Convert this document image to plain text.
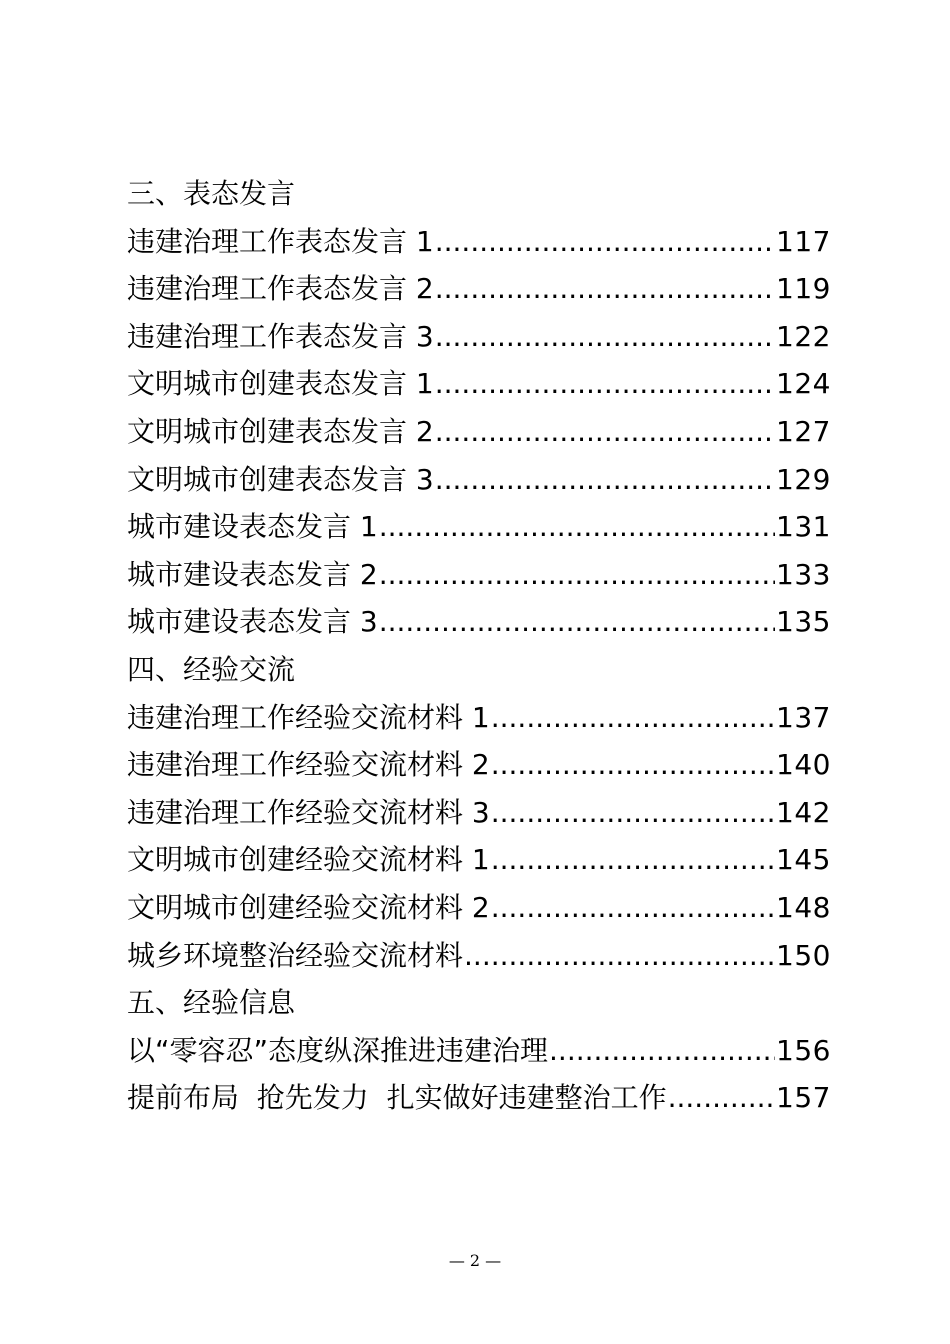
三、表态发言
违建治理工作表态发言 1 .....	117
违建治理工作表态发言 2 .....	119
违建治理工作表态发言 3 .....	122
文明城市创建表态发言 1 .....	124
文明城市创建表态发言 2 .....	127
文明城市创建表态发言 3 .....	129
城市建设表态发言 1 .....	131
城市建设表态发言 2 .....	133
城市建设表态发言 3 .....	135
四、经验交流
违建治理工作经验交流材料 1 .....	137
违建治理工作经验交流材料 2 .....	140
违建治理工作经验交流材料 3 .....	142
文明城市创建经验交流材料 1 .....	145
文明城市创建经验交流材料 2 .....	148
城乡环境整治经验交流材料 .....	150
五、经验信息
以“零容忍”态度纵深推进违建治理 .....	156
提前布局  抢先发力  扎实做好违建整治工作 .....	157
— 2 —
